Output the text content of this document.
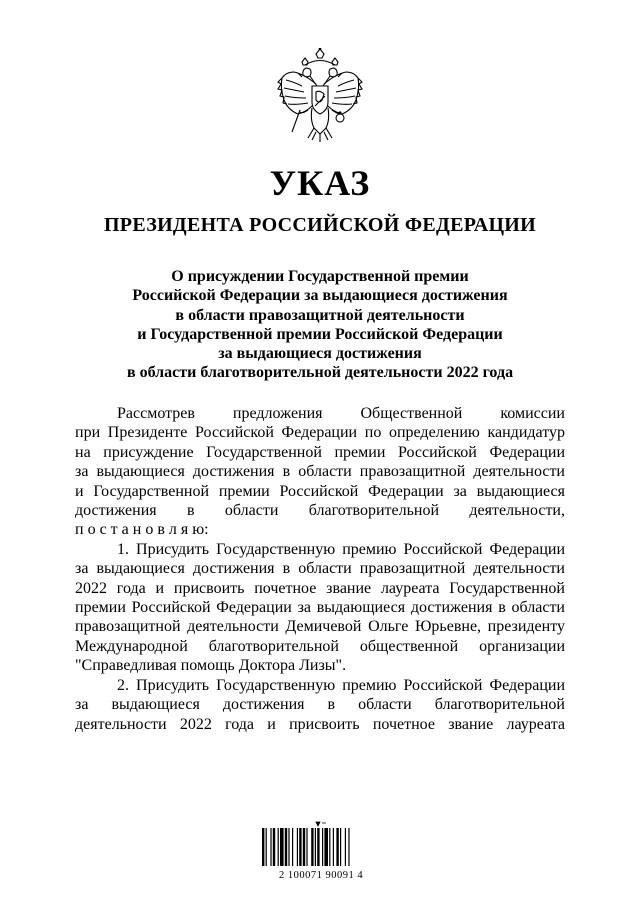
УКАЗ
ПРЕЗИДЕНТА РОССИЙСКОЙ ФЕДЕРАЦИИ
О присуждении Государственной премии
Российской Федерации за выдающиеся достижения
в области правозащитной деятельности
и Государственной премии Российской Федерации
за выдающиеся достижения
в области благотворительной деятельности 2022 года
Рассмотрев предложения Общественной комиссии
при Президенте Российской Федерации по определению кандидатур
на присуждение Государственной премии Российской Федерации
за выдающиеся достижения в области правозащитной деятельности
и Государственной премии Российской Федерации за выдающиеся
достижения в области благотворительной деятельности,
п о с т а н о в л я ю:
1. Присудить Государственную премию Российской Федерации
за выдающиеся достижения в области правозащитной деятельности
2022 года и присвоить почетное звание лауреата Государственной
премии Российской Федерации за выдающиеся достижения в области
правозащитной деятельности Демичевой Ольге Юрьевне, президенту
Международной благотворительной общественной организации
"Справедливая помощь Доктора Лизы".
2. Присудить Государственную премию Российской Федерации
за выдающиеся достижения в области благотворительной
деятельности 2022 года и присвоить почетное звание лауреата
2 100071 90091 4
